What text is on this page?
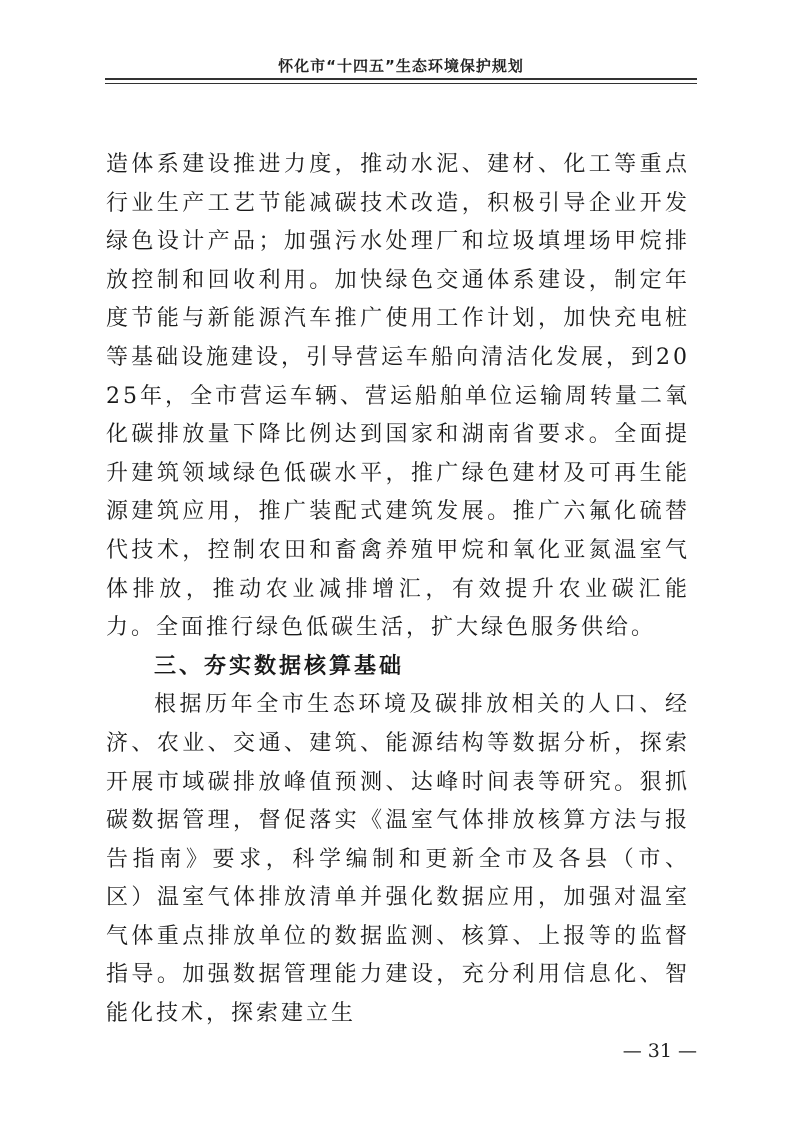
怀化市“十四五”生态环境保护规划

造体系建设推进力度，推动水泥、建材、化工等重点行业生产工艺节能减碳技术改造，积极引导企业开发绿色设计产品；加强污水处理厂和垃圾填埋场甲烷排放控制和回收利用。加快绿色交通体系建设，制定年度节能与新能源汽车推广使用工作计划，加快充电桩等基础设施建设，引导营运车船向清洁化发展，到2025年，全市营运车辆、营运船舶单位运输周转量二氧化碳排放量下降比例达到国家和湖南省要求。全面提升建筑领域绿色低碳水平，推广绿色建材及可再生能源建筑应用，推广装配式建筑发展。推广六氟化硫替代技术，控制农田和畜禽养殖甲烷和氧化亚氮温室气体排放，推动农业减排增汇，有效提升农业碳汇能力。全面推行绿色低碳生活，扩大绿色服务供给。

三、夯实数据核算基础

根据历年全市生态环境及碳排放相关的人口、经济、农业、交通、建筑、能源结构等数据分析，探索开展市域碳排放峰值预测、达峰时间表等研究。狠抓碳数据管理，督促落实《温室气体排放核算方法与报告指南》要求，科学编制和更新全市及各县（市、区）温室气体排放清单并强化数据应用，加强对温室气体重点排放单位的数据监测、核算、上报等的监督指导。加强数据管理能力建设，充分利用信息化、智能化技术，探索建立生

— 31 —
